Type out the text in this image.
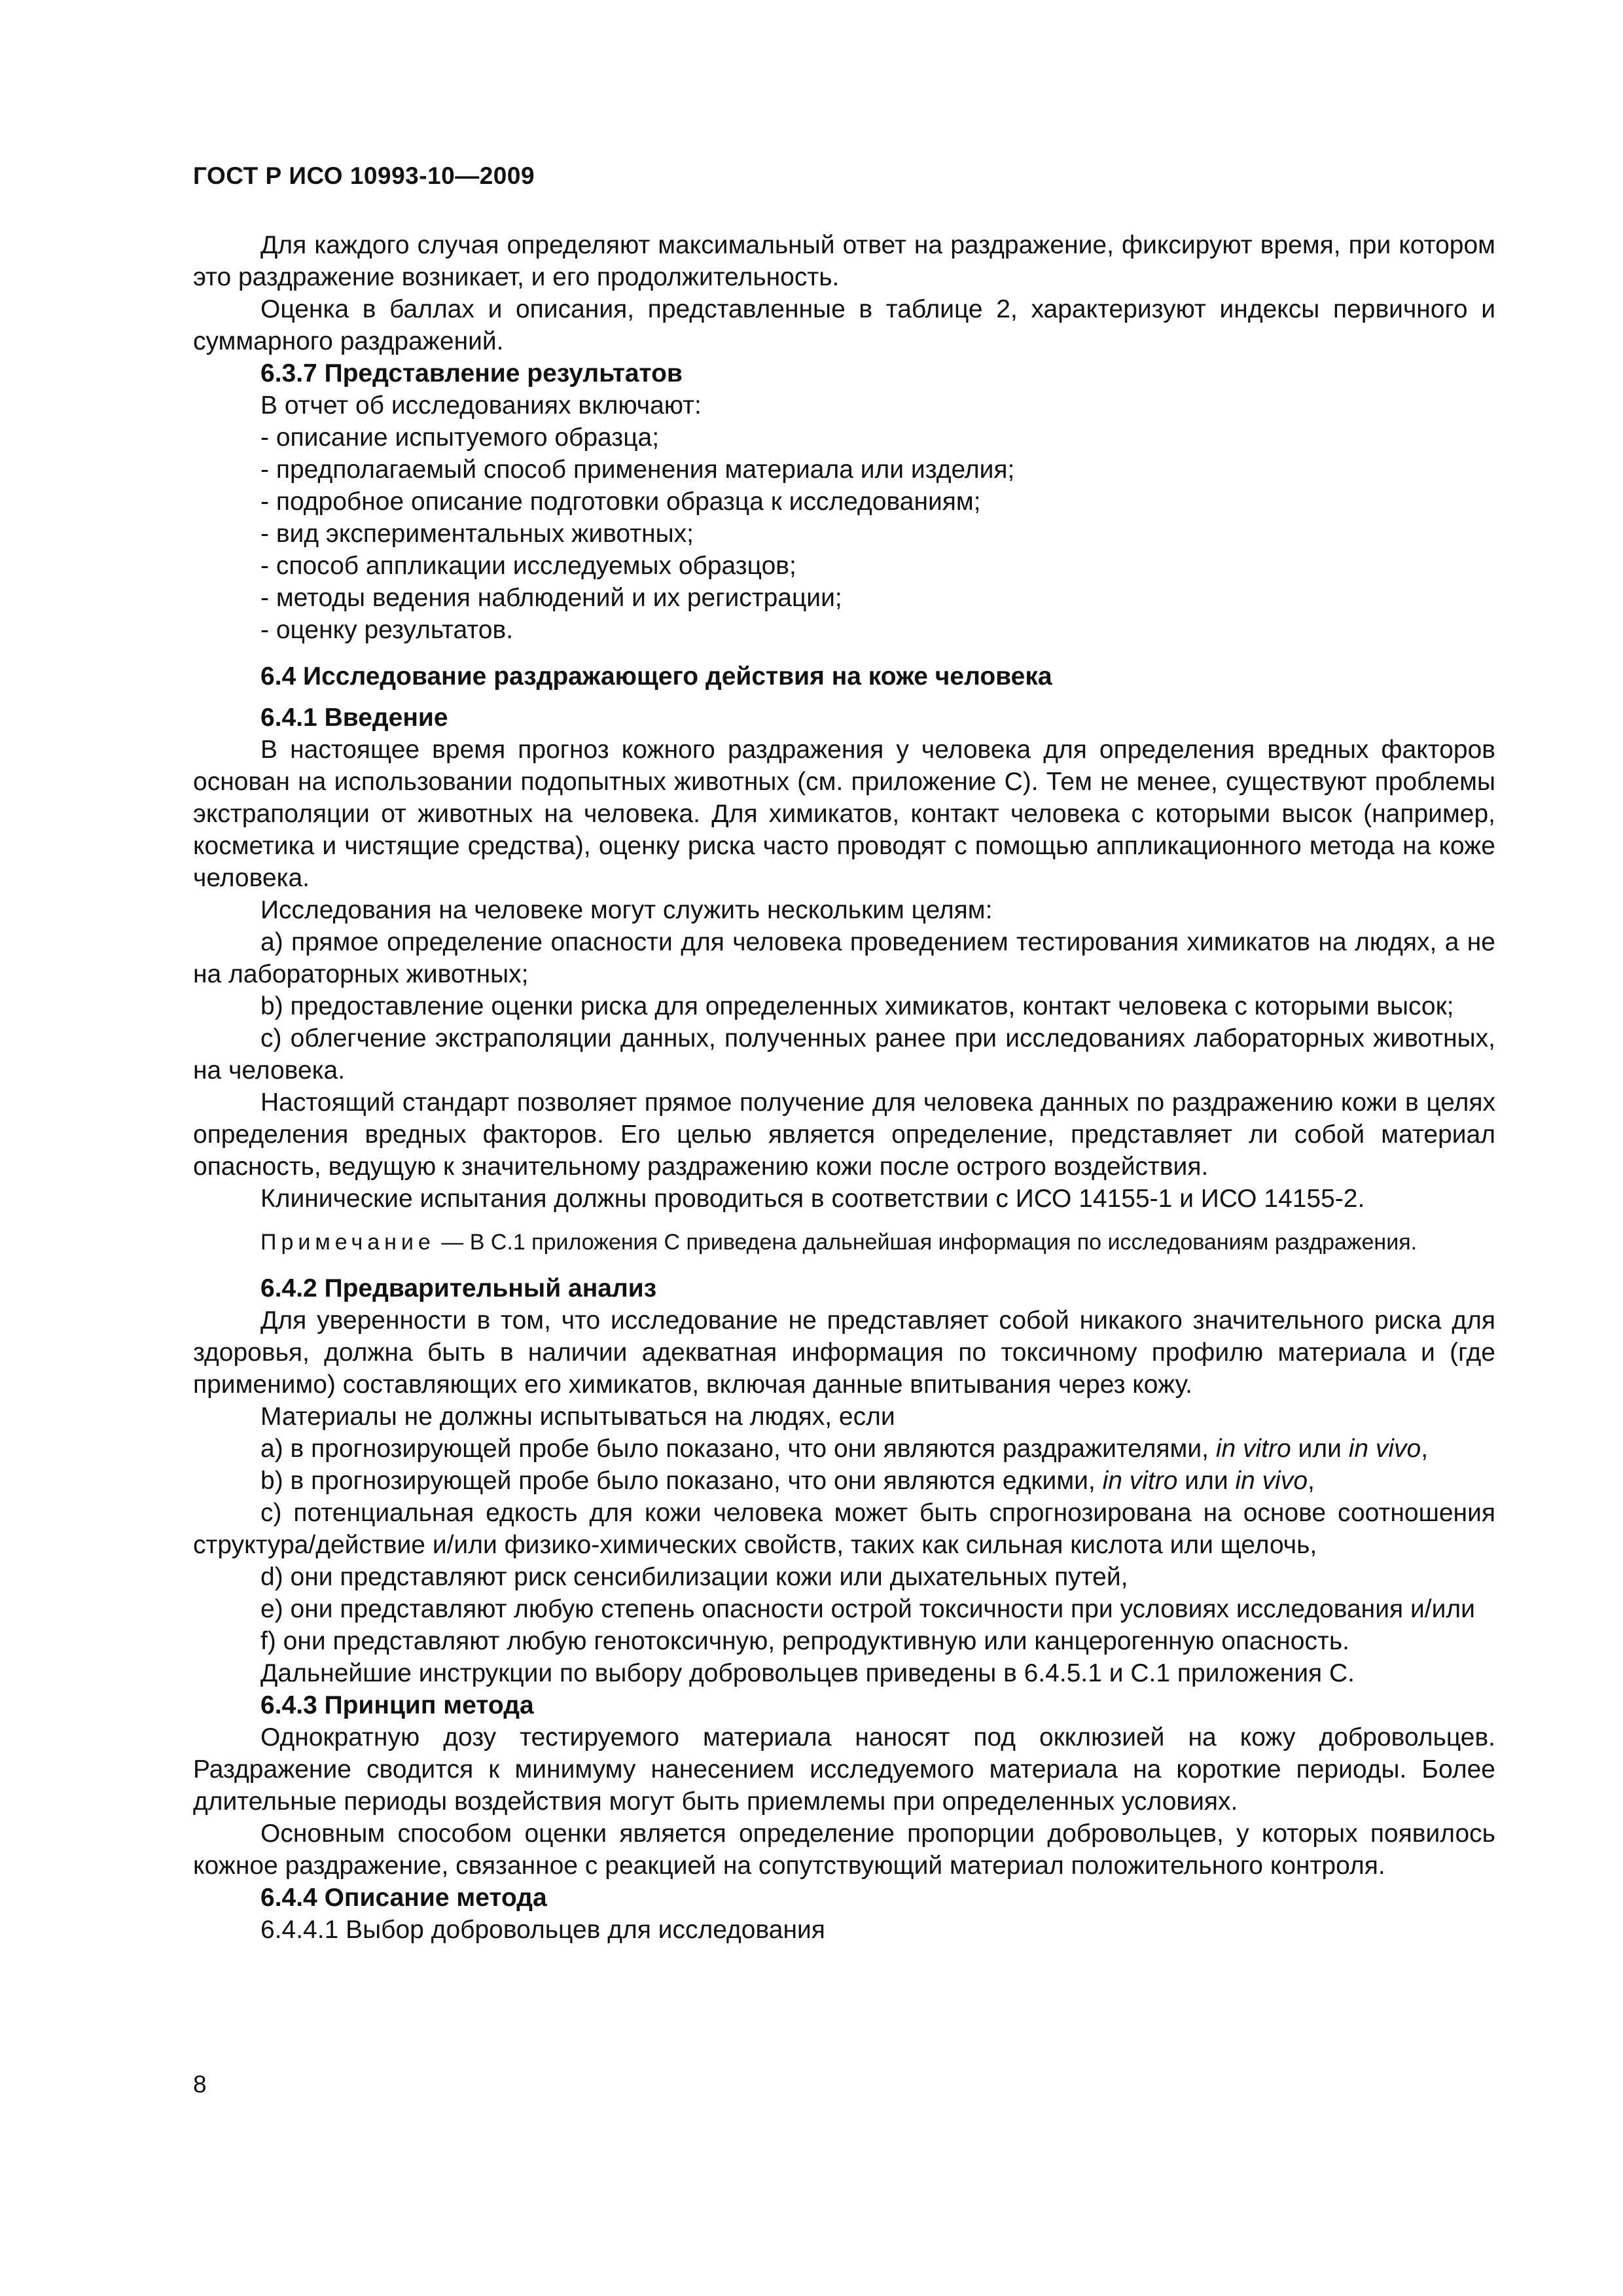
ГОСТ Р ИСО 10993-10—2009

Для каждого случая определяют максимальный ответ на раздражение, фиксируют время, при котором это раздражение возникает, и его продолжительность.

Оценка в баллах и описания, представленные в таблице 2, характеризуют индексы первичного и суммарного раздражений.

6.3.7 Представление результатов

В отчет об исследованиях включают:

- описание испытуемого образца;

- предполагаемый способ применения материала или изделия;

- подробное описание подготовки образца к исследованиям;

- вид экспериментальных животных;

- способ аппликации исследуемых образцов;

- методы ведения наблюдений и их регистрации;

- оценку результатов.

6.4 Исследование раздражающего действия на коже человека

6.4.1 Введение

В настоящее время прогноз кожного раздражения у человека для определения вредных факторов основан на использовании подопытных животных (см. приложение С). Тем не менее, существуют проблемы экстраполяции от животных на человека. Для химикатов, контакт человека с которыми высок (например, косметика и чистящие средства), оценку риска часто проводят с помощью аппликационного метода на коже человека.

Исследования на человеке могут служить нескольким целям:

а) прямое определение опасности для человека проведением тестирования химикатов на людях, а не на лабораторных животных;

b) предоставление оценки риска для определенных химикатов, контакт человека с которыми высок;

с) облегчение экстраполяции данных, полученных ранее при исследованиях лабораторных животных, на человека.

Настоящий стандарт позволяет прямое получение для человека данных по раздражению кожи в целях определения вредных факторов. Его целью является определение, представляет ли собой материал опасность, ведущую к значительному раздражению кожи после острого воздействия.

Клинические испытания должны проводиться в соответствии с ИСО 14155-1 и ИСО 14155-2.

Примечание — В С.1 приложения С приведена дальнейшая информация по исследованиям раздражения.

6.4.2 Предварительный анализ

Для уверенности в том, что исследование не представляет собой никакого значительного риска для здоровья, должна быть в наличии адекватная информация по токсичному профилю материала и (где применимо) составляющих его химикатов, включая данные впитывания через кожу.

Материалы не должны испытываться на людях, если

а) в прогнозирующей пробе было показано, что они являются раздражителями, in vitro или in vivo,

b) в прогнозирующей пробе было показано, что они являются едкими, in vitro или in vivo,

с) потенциальная едкость для кожи человека может быть спрогнозирована на основе соотношения структура/действие и/или физико-химических свойств, таких как сильная кислота или щелочь,

d) они представляют риск сенсибилизации кожи или дыхательных путей,

е) они представляют любую степень опасности острой токсичности при условиях исследования и/или

f) они представляют любую генотоксичную, репродуктивную или канцерогенную опасность.

Дальнейшие инструкции по выбору добровольцев приведены в 6.4.5.1 и С.1 приложения С.

6.4.3 Принцип метода

Однократную дозу тестируемого материала наносят под окклюзией на кожу добровольцев. Раздражение сводится к минимуму нанесением исследуемого материала на короткие периоды. Более длительные периоды воздействия могут быть приемлемы при определенных условиях.

Основным способом оценки является определение пропорции добровольцев, у которых появилось кожное раздражение, связанное с реакцией на сопутствующий материал положительного контроля.

6.4.4 Описание метода

6.4.4.1 Выбор добровольцев для исследования

8
